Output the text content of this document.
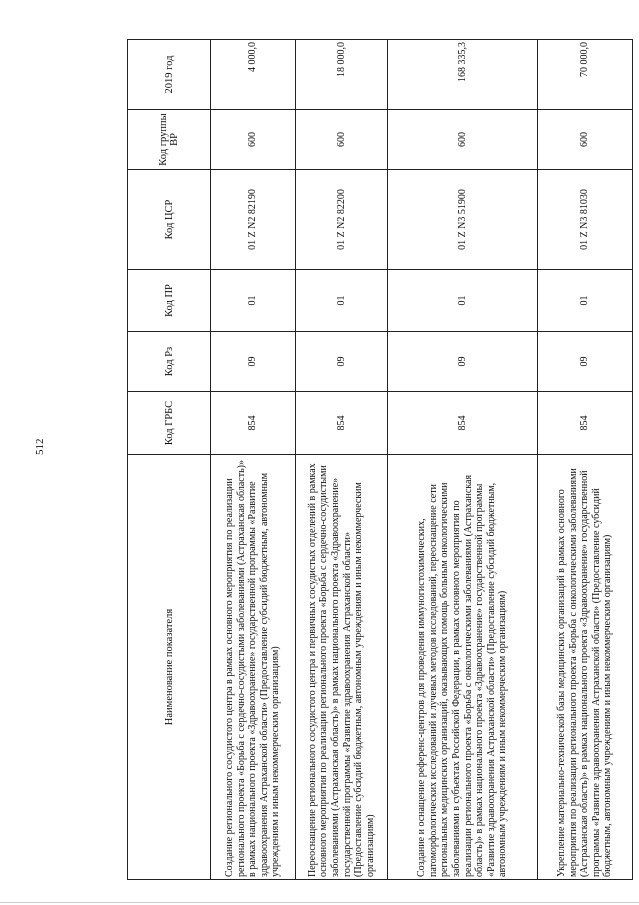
512
Наименование показателя	Код ГРБС	Код Рз	Код ПР	Код ЦСР	Код группы ВР	2019 год
Создание регионального сосудистого центра в рамках основного мероприятия по реализации регионального проекта «Борьба с сердечно-сосудистыми заболеваниями (Астраханская область)» в рамках национального проекта «Здравоохранение» государственной программы «Развитие здравоохранения Астраханской области» (Предоставление субсидий бюджетным, автономным учреждениям и иным некоммерческим организациям)	854	09	01	01 Z N2 82190	600	4 000,0
Переоснащение регионального сосудистого центра и первичных сосудистых отделений в рамках основного мероприятия по реализации регионального проекта «Борьба с сердечно-сосудистыми заболеваниями (Астраханская область)» в рамках национального проекта «Здравоохранение» государственной программы «Развитие здравоохранения Астраханской области» (Предоставление субсидий бюджетным, автономным учреждениям и иным некоммерческим организациям)	854	09	01	01 Z N2 82200	600	18 000,0
Создание и оснащение референс-центров для проведения иммуногистохимических, патоморфологических исследований и лучевых методов исследований, переоснащение сети региональных медицинских организаций, оказывающих помощь больным онкологическими заболеваниями в субъектах Российской Федерации, в рамках основного мероприятия по реализации регионального проекта «Борьба с онкологическими заболеваниями (Астраханская область)» в рамках национального проекта «Здравоохранение» государственной программы «Развитие здравоохранения Астраханской области» (Предоставление субсидий бюджетным, автономным учреждениям и иным некоммерческим организациям)	854	09	01	01 Z N3 51900	600	168 335,3
Укрепление материально-технической базы медицинских организаций в рамках основного мероприятия по реализации регионального проекта «Борьба с онкологическими заболеваниями (Астраханская область)» в рамках национального проекта «Здравоохранение» государственной программы «Развитие здравоохранения Астраханской области» (Предоставление субсидий бюджетным, автономным учреждениям и иным некоммерческим организациям)	854	09	01	01 Z N3 81030	600	70 000,0
